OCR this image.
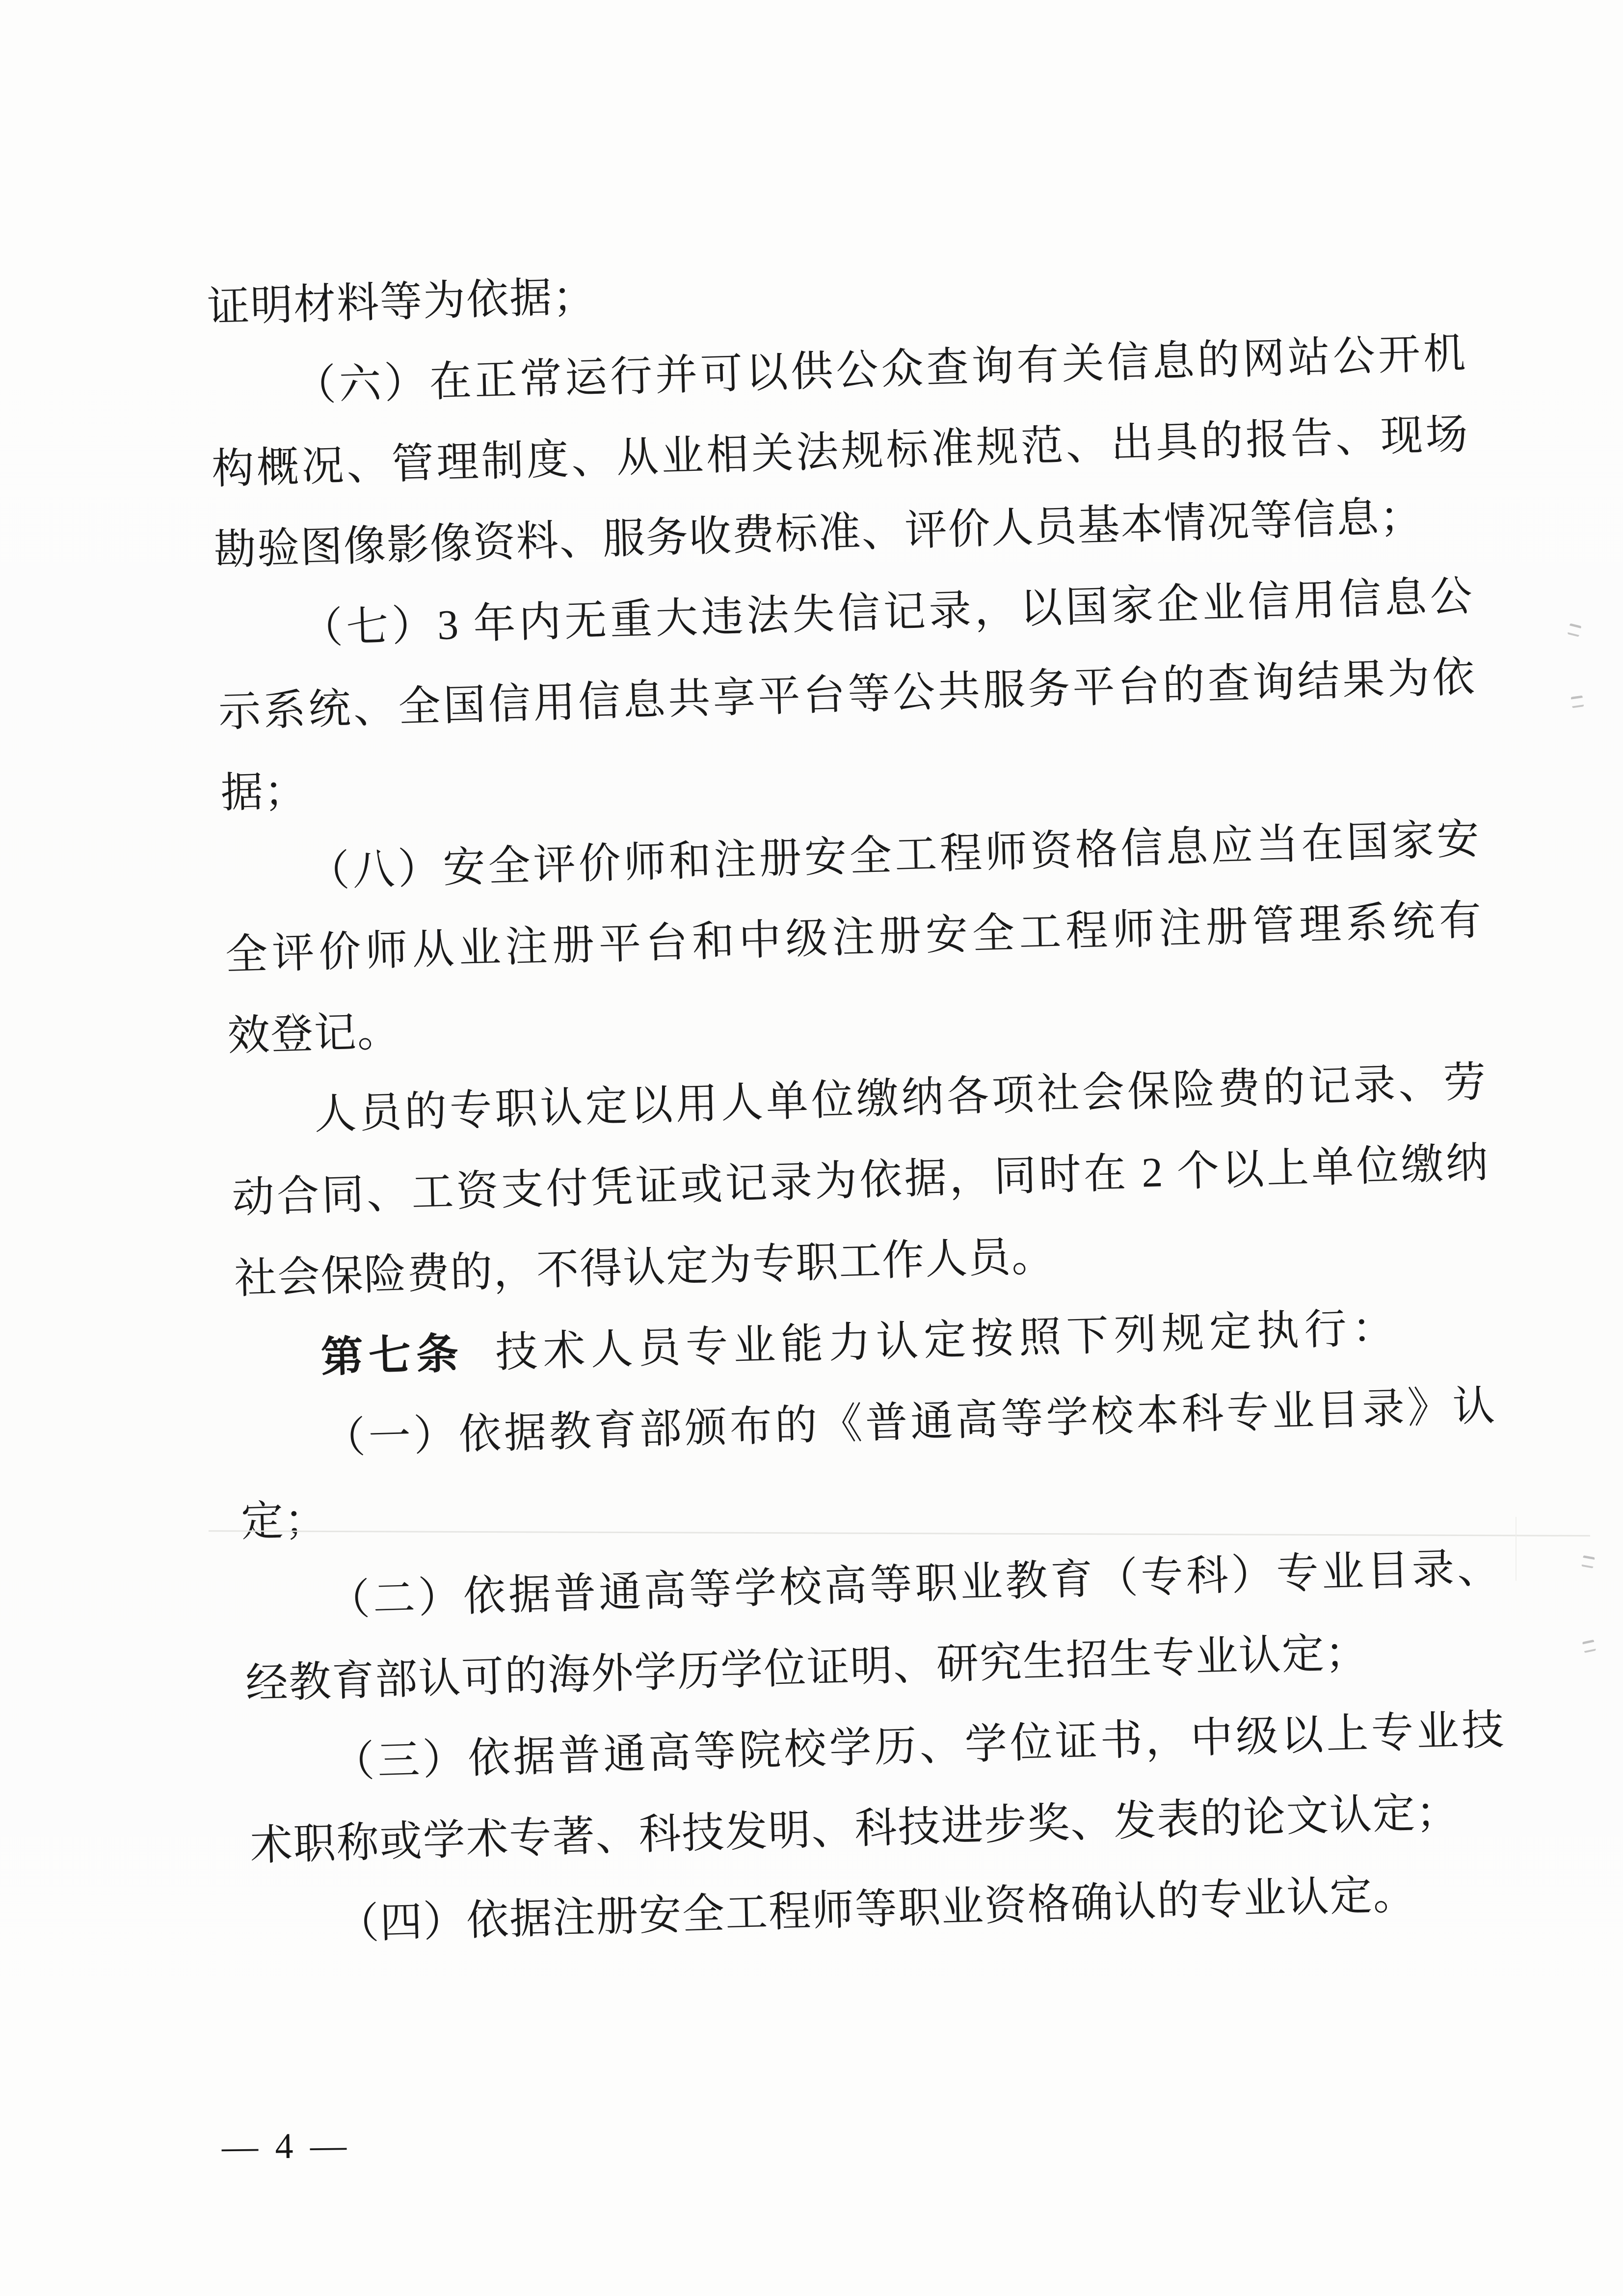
证明材料等为依据；
（六）在正常运行并可以供公众查询有关信息的网站公开机
构概况、管理制度、从业相关法规标准规范、出具的报告、现场
勘验图像影像资料、服务收费标准、评价人员基本情况等信息；
（七）3 年内无重大违法失信记录，以国家企业信用信息公
示系统、全国信用信息共享平台等公共服务平台的查询结果为依
据；
（八）安全评价师和注册安全工程师资格信息应当在国家安
全评价师从业注册平台和中级注册安全工程师注册管理系统有
效登记。
人员的专职认定以用人单位缴纳各项社会保险费的记录、劳
动合同、工资支付凭证或记录为依据，同时在 2 个以上单位缴纳
社会保险费的，不得认定为专职工作人员。
第七条 技术人员专业能力认定按照下列规定执行：
（一）依据教育部颁布的《普通高等学校本科专业目录》认
定；
（二）依据普通高等学校高等职业教育（专科）专业目录、
经教育部认可的海外学历学位证明、研究生招生专业认定；
（三）依据普通高等院校学历、学位证书，中级以上专业技
术职称或学术专著、科技发明、科技进步奖、发表的论文认定；
（四）依据注册安全工程师等职业资格确认的专业认定。
— 4 —
